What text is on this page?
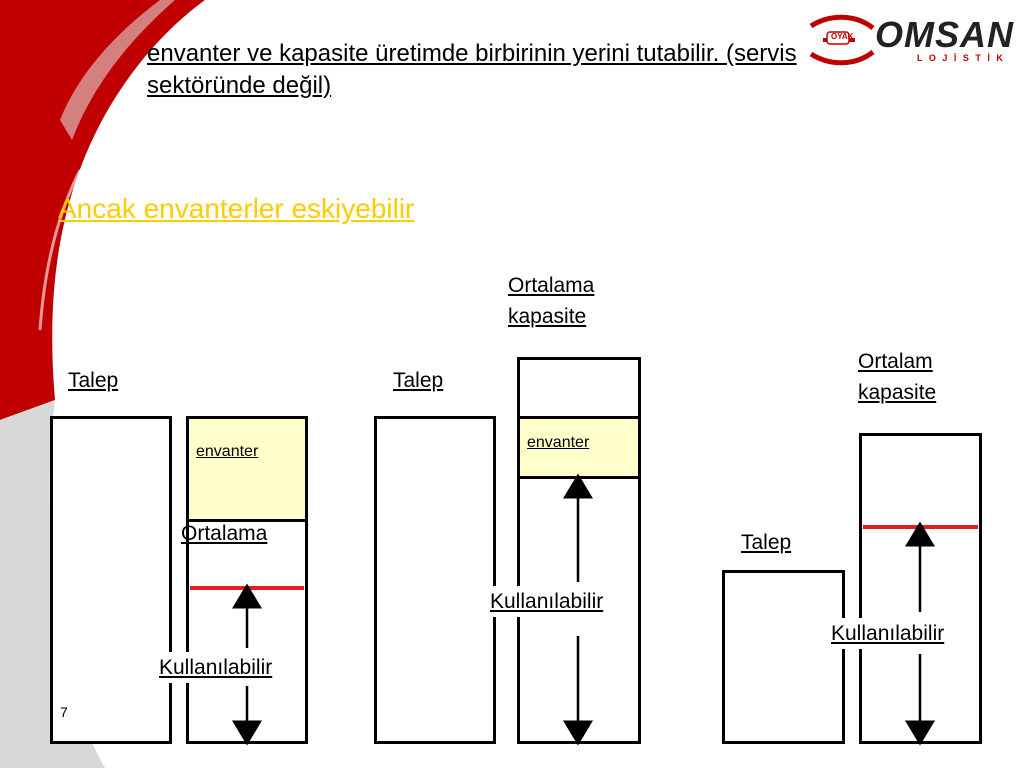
OYAK OMSAN
L O J İ S T İ K
envanter ve kapasite üretimde birbirinin yerini tutabilir. (servis
sektöründe değil)
Ancak envanterler eskiyebilir
Talep
envanter
Talep
Ortalama
kapasite
envanter
Talep
Ortalam
kapasite
Ortalama
Kullanılabilir
Kullanılabilir
Kullanılabilir
7
